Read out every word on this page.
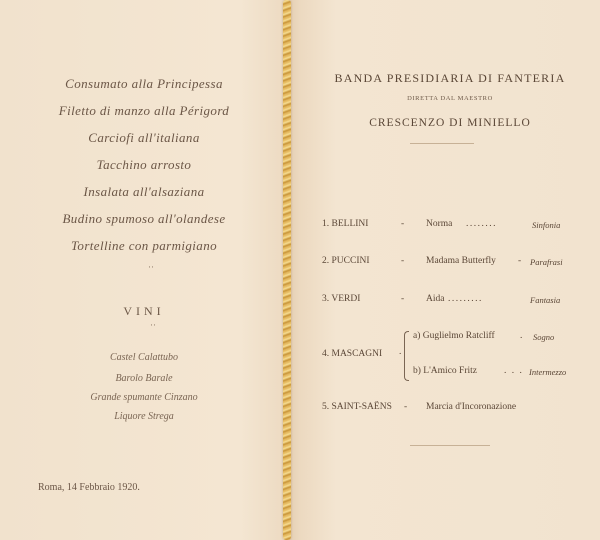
Consumato alla Principessa
Filetto di manzo alla Périgord
Carciofi all'italiana
Tacchino arrosto
Insalata all'alsaziana
Budino spumoso all'olandese
Tortelline con parmigiano
··
VINI
··
Castel Calattubo
Barolo Barale
Grande spumante Cinzano
Liquore Strega
Roma, 14 Febbraio 1920.
BANDA PRESIDIARIA DI FANTERIA
DIRETTA DAL MAESTRO
CRESCENZO DI MINIELLO
1. BELLINI	- Norma ........	Sinfonia
2. PUCCINI	- Madama Butterfly - Parafrasi
3. VERDI	- Aida .........	Fantasia
4. MASCAGNI .
a) Guglielmo Ratcliff	. Sogno
b) L'Amico Fritz	. . . Intermezzo
5. SAINT-SAËNS - Marcia d'Incoronazione
